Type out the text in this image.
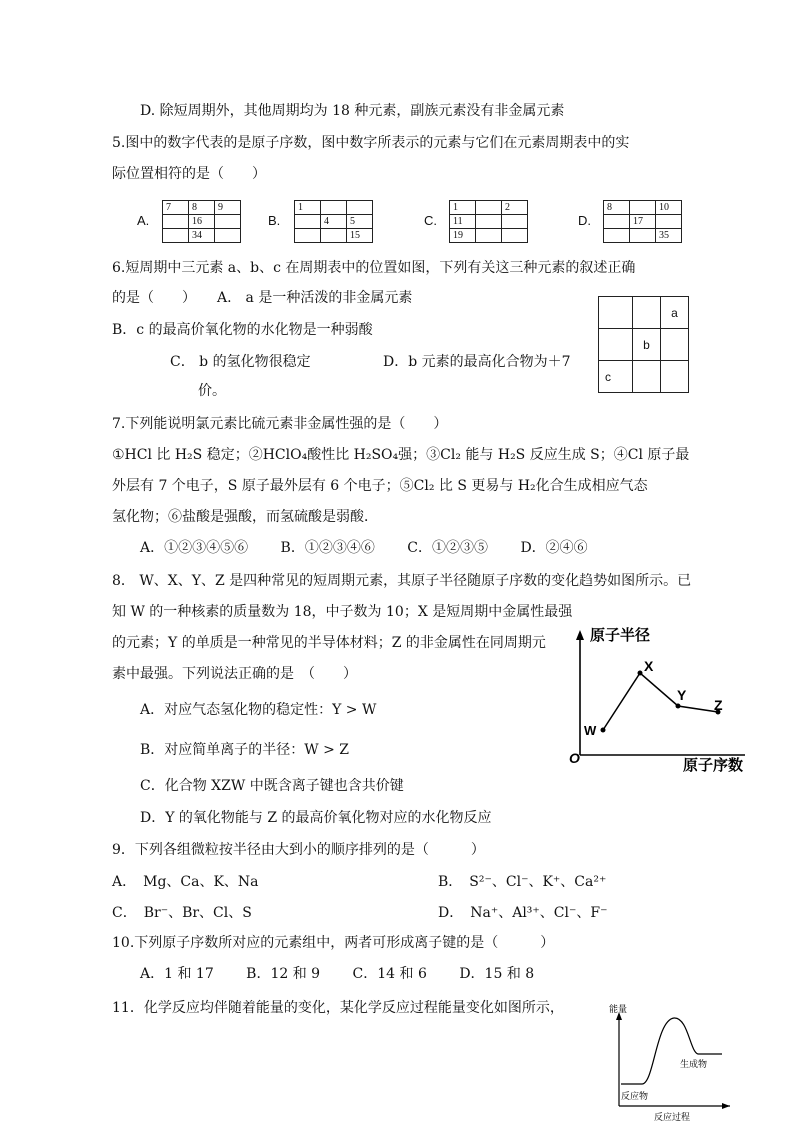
D. 除短周期外，其他周期均为 18 种元素，副族元素没有非金属元素
5.图中的数字代表的是原子序数，图中数字所表示的元素与它们在元素周期表中的实
际位置相符的是（　　）
A.
7	8	9
	16	
	34	
B.
1		
	4	5
		15
C.
1		2
11		
19		
D.
8		10
	17	
		35
6.短周期中三元素 a、b、c 在周期表中的位置如图，下列有关这三种元素的叙述正确
的是（　　）　　A.　a 是一种活泼的非金属元素
B．c 的最高价氧化物的水化物是一种弱酸
C． b 的氢化物很稳定	D．b 元素的最高化合物为＋7
价。
		a
	b	
c		
7.下列能说明氯元素比硫元素非金属性强的是（　　）
①HCl 比 H₂S 稳定；②HClO₄酸性比 H₂SO₄强；③Cl₂ 能与 H₂S 反应生成 S；④Cl 原子最
外层有 7 个电子，S 原子最外层有 6 个电子；⑤Cl₂ 比 S 更易与 H₂化合生成相应气态
氢化物；⑥盐酸是强酸，而氢硫酸是弱酸．
A．①②③④⑤⑥　　 B．①②③④⑥　　 C．①②③⑤　　 D．②④⑥
8． W、X、Y、Z 是四种常见的短周期元素，其原子半径随原子序数的变化趋势如图所示。已
知 W 的一种核素的质量数为 18，中子数为 10；X 是短周期中金属性最强
的元素；Y 的单质是一种常见的半导体材料；Z 的非金属性在同周期元
素中最强。下列说法正确的是　（　　）
A．对应气态氢化物的稳定性：Y > W
B．对应简单离子的半径：W > Z
C．化合物 XZW 中既含离子键也含共价键
D．Y 的氧化物能与 Z 的最高价氧化物对应的水化物反应
原子半径
原子序数
O
W
X
Y
Z
9．下列各组微粒按半径由大到小的顺序排列的是（　　　）
A．　Mg、Ca、K、Na	B．　S²⁻、Cl⁻、K⁺、Ca²⁺
C．　Br⁻、Br、Cl、S	D．　Na⁺、Al³⁺、Cl⁻、F⁻
10.下列原子序数所对应的元素组中，两者可形成离子键的是（　　　）
A．1 和 17　　 B．12 和 9　　 C．14 和 6　　 D．15 和 8
11．化学反应均伴随着能量的变化，某化学反应过程能量变化如图所示，	能量
反应过程
反应物
生成物
